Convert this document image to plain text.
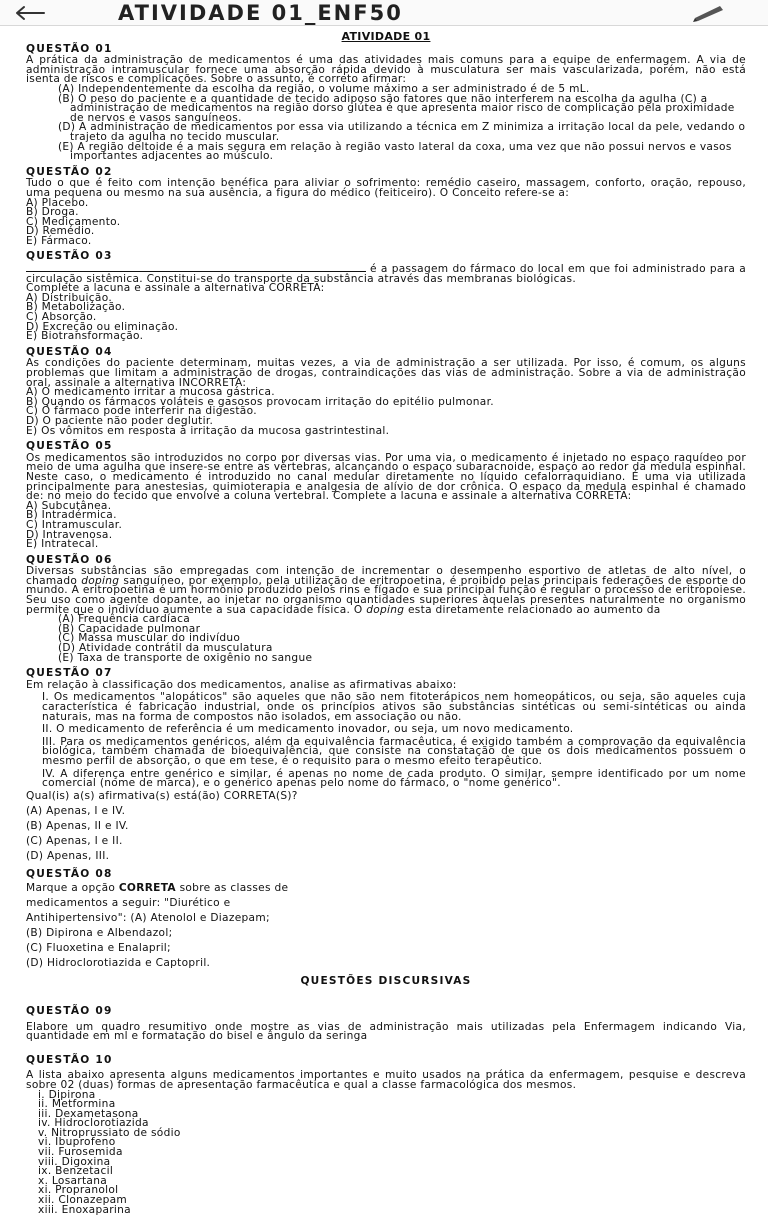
ATIVIDADE 01_ENF50
ATIVIDADE 01
QUESTÃO 01
A prática da administração de medicamentos é uma das atividades mais comuns para a equipe de enfermagem. A via de administração intramuscular fornece uma absorção rápida devido à musculatura ser mais vascularizada, porém, não está isenta de riscos e complicações. Sobre o assunto, é correto afirmar:
(A) Independentemente da escolha da região, o volume máximo a ser administrado é de 5 mL.
(B) O peso do paciente e a quantidade de tecido adiposo são fatores que não interferem na escolha da agulha (C) a administração de medicamentos na região dorso glútea é que apresenta maior risco de complicação pela proximidade de nervos e vasos sanguíneos.
(D) A administração de medicamentos por essa via utilizando a técnica em Z minimiza a irritação local da pele, vedando o trajeto da agulha no tecido muscular.
(E) A região deltoide é a mais segura em relação à região vasto lateral da coxa, uma vez que não possui nervos e vasos importantes adjacentes ao músculo.
QUESTÃO 02
Tudo o que é feito com intenção benéfica para aliviar o sofrimento: remédio caseiro, massagem, conforto, oração, repouso, uma pequena ou mesmo na sua ausência, a figura do médico (feiticeiro). O Conceito refere-se a:
A) Placebo.
B) Droga.
C) Medicamento.
D) Remédio.
E) Fármaco.
QUESTÃO 03
é a passagem do fármaco do local em que foi administrado para a circulação sistêmica. Constitui-se do transporte da substância através das membranas biológicas.
Complete a lacuna e assinale a alternativa CORRETA:
A) Distribuição.
B) Metabolização.
C) Absorção.
D) Excreção ou eliminação.
E) Biotransformação.
QUESTÃO 04
As condições do paciente determinam, muitas vezes, a via de administração a ser utilizada. Por isso, é comum, os alguns problemas que limitam a administração de drogas, contraindicações das vias de administração. Sobre a via de administração oral, assinale a alternativa INCORRETA:
A) O medicamento irritar a mucosa gástrica.
B) Quando os fármacos voláteis e gasosos provocam irritação do epitélio pulmonar.
C) O fármaco pode interferir na digestão.
D) O paciente não poder deglutir.
E) Os vômitos em resposta à irritação da mucosa gastrintestinal.
QUESTÃO 05
Os medicamentos são introduzidos no corpo por diversas vias. Por uma via, o medicamento é injetado no espaço raquídeo por meio de uma agulha que insere-se entre as vértebras, alcançando o espaço subaracnoide, espaço ao redor da medula espinhal. Neste caso, o medicamento é introduzido no canal medular diretamente no líquido cefalorraquidiano. É uma via utilizada principalmente para anestesias, quimioterapia e analgesia de alívio de dor crônica. O espaço da medula espinhal é chamado de: no meio do tecido que envolve a coluna vertebral. Complete a lacuna e assinale a alternativa CORRETA:
A) Subcutânea.
B) Intradérmica.
C) Intramuscular.
D) Intravenosa.
E) Intratecal.
QUESTÃO 06
Diversas substâncias são empregadas com intenção de incrementar o desempenho esportivo de atletas de alto nível, o chamado doping sanguíneo, por exemplo, pela utilização de eritropoetina, é proibido pelas principais federações de esporte do mundo. A eritropoetina é um hormônio produzido pelos rins e fígado e sua principal função é regular o processo de eritropoiese. Seu uso como agente dopante, ao injetar no organismo quantidades superiores àquelas presentes naturalmente no organismo permite que o indivíduo aumente a sua capacidade física. O doping esta diretamente relacionado ao aumento da
(A) Frequência cardíaca
(B) Capacidade pulmonar
(C) Massa muscular do indivíduo
(D) Atividade contrátil da musculatura
(E) Taxa de transporte de oxigênio no sangue
QUESTÃO 07
Em relação à classificação dos medicamentos, analise as afirmativas abaixo:
I. Os medicamentos "alopáticos" são aqueles que não são nem fitoterápicos nem homeopáticos, ou seja, são aqueles cuja característica é fabricação industrial, onde os princípios ativos são substâncias sintéticas ou semi-sintéticas ou ainda naturais, mas na forma de compostos não isolados, em associação ou não.
II. O medicamento de referência é um medicamento inovador, ou seja, um novo medicamento.
III. Para os medicamentos genéricos, além da equivalência farmacêutica, é exigido também a comprovação da equivalência biológica, também chamada de bioequivalência, que consiste na constatação de que os dois medicamentos possuem o mesmo perfil de absorção, o que em tese, é o requisito para o mesmo efeito terapêutico.
IV. A diferença entre genérico e similar, é apenas no nome de cada produto. O similar, sempre identificado por um nome comercial (nome de marca), e o genérico apenas pelo nome do fármaco, o "nome genérico".
Qual(is) a(s) afirmativa(s) está(ão) CORRETA(S)?
(A) Apenas, I e IV.
(B) Apenas, II e IV.
(C) Apenas, I e II.
(D) Apenas, III.
QUESTÃO 08
Marque a opção CORRETA sobre as classes de
medicamentos a seguir: "Diurético e
Antihipertensivo": (A) Atenolol e Diazepam;
(B) Dipirona e Albendazol;
(C) Fluoxetina e Enalapril;
(D) Hidroclorotiazida e Captopril.
QUESTÕES DISCURSIVAS
QUESTÃO 09
Elabore um quadro resumitivo onde mostre as vias de administração mais utilizadas pela Enfermagem indicando Via, quantidade em ml e formatação do bisel e ângulo da seringa
QUESTÃO 10
A lista abaixo apresenta alguns medicamentos importantes e muito usados na prática da enfermagem, pesquise e descreva sobre 02 (duas) formas de apresentação farmacêutica e qual a classe farmacológica dos mesmos.
i. Dipirona
ii. Metformina
iii. Dexametasona
iv. Hidroclorotiazida
v. Nitroprussiato de sódio
vi. Ibuprofeno
vii. Furosemida
viii. Digoxina
ix. Benzetacil
x. Losartana
xi. Propranolol
xii. Clonazepam
xiii. Enoxaparina
